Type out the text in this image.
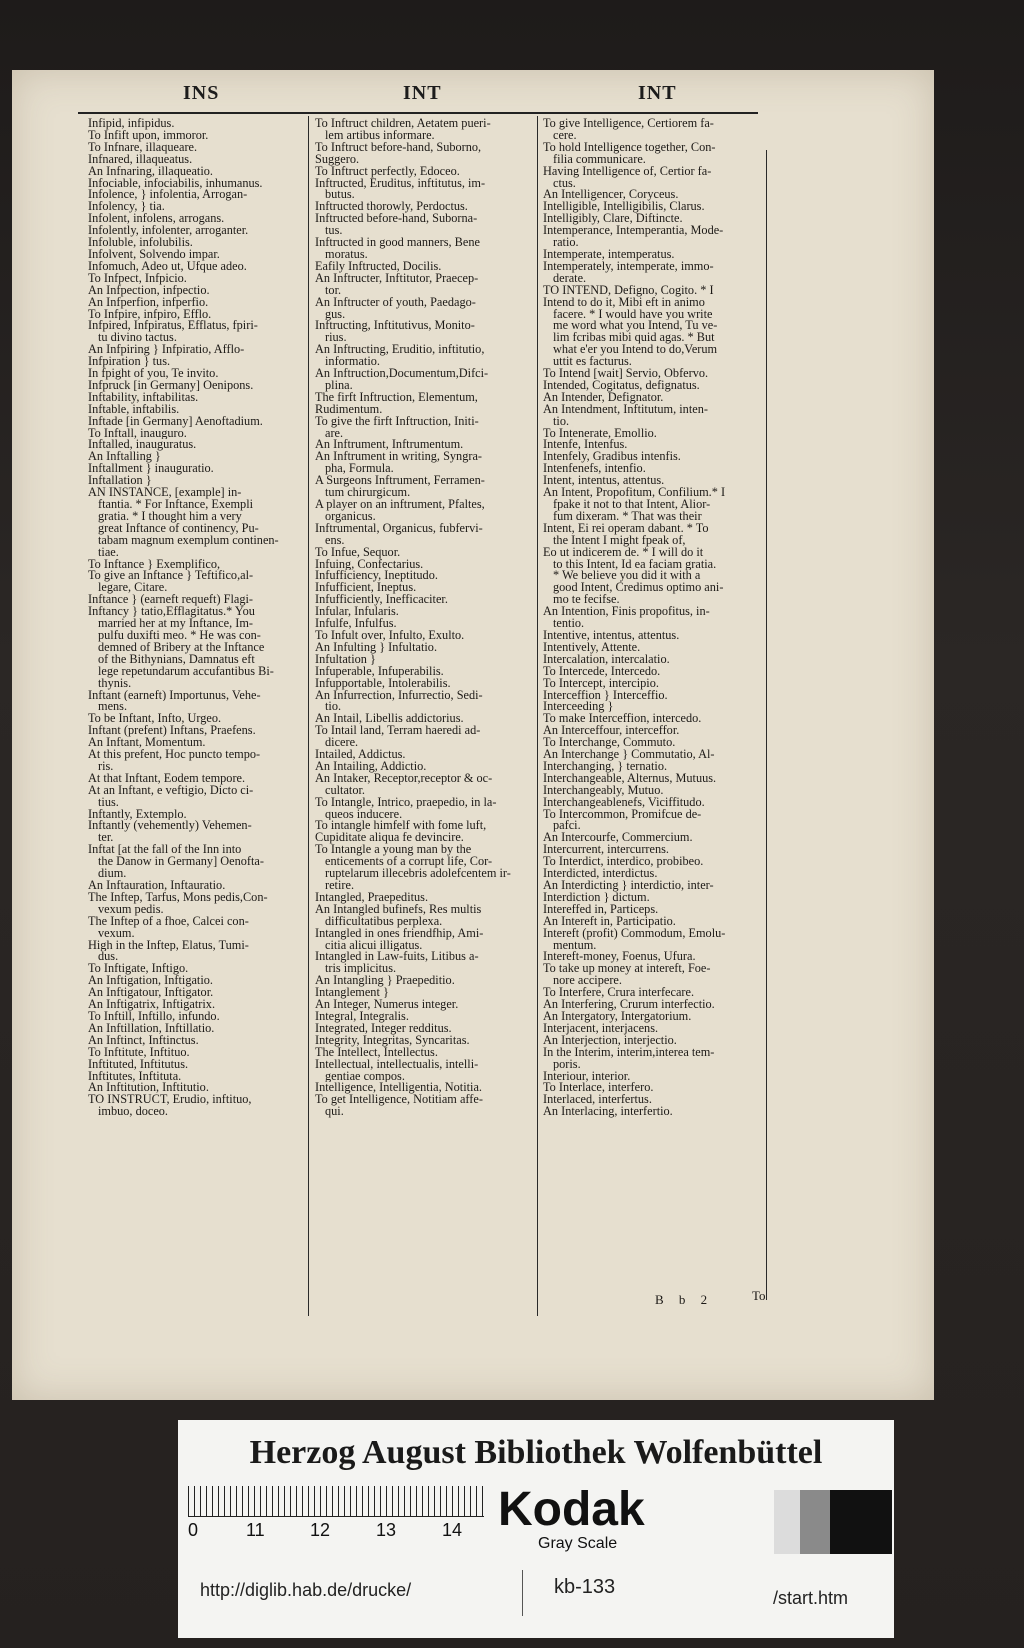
INS	INT	INT
Infipid, infipidus.
To Infift upon, immoror.
To Infnare, illaqueare.
Infnared, illaqueatus.
An Infnaring, illaqueatio.
Infociable, infociabilis, inhumanus.
Infolence, } infolentia, Arrogan-
Infolency, } tia.
Infolent, infolens, arrogans.
Infolently, infolenter, arroganter.
Infoluble, infolubilis.
Infolvent, Solvendo impar.
Infomuch, Adeo ut, Ufque adeo.
To Infpect, Infpicio.
An Infpection, infpectio.
An Infperfion, infperfio.
To Infpire, infpiro, Efflo.
Infpired, Infpiratus, Efflatus, fpiri-
tu divino tactus.
An Infpiring } Infpiratio, Afflo-
Infpiration } tus.
In fpight of you, Te invito.
Infpruck [in Germany] Oenipons.
Inftability, inftabilitas.
Inftable, inftabilis.
Inftade [in Germany] Aenoftadium.
To Inftall, inauguro.
Inftalled, inauguratus.
An Inftalling }
Inftallment } inauguratio.
Inftallation }
AN INSTANCE, [example] in-
ftantia. * For Inftance, Exempli
gratia. * I thought him a very
great Inftance of continency, Pu-
tabam magnum exemplum continen-
tiae.
To Inftance } Exemplifico,
To give an Inftance } Teftifico,al-
legare, Citare.
Inftance } (earneft requeft) Flagi-
Inftancy } tatio,Efflagitatus.* You
married her at my Inftance, Im-
pulfu duxifti meo. * He was con-
demned of Bribery at the Inftance
of the Bithynians, Damnatus eft
lege repetundarum accufantibus Bi-
thynis.
Inftant (earneft) Importunus, Vehe-
mens.
To be Inftant, Infto, Urgeo.
Inftant (prefent) Inftans, Praefens.
An Inftant, Momentum.
At this prefent, Hoc puncto tempo-
ris.
At that Inftant, Eodem tempore.
At an Inftant, e veftigio, Dicto ci-
tius.
Inftantly, Extemplo.
Inftantly (vehemently) Vehemen-
ter.
Inftat [at the fall of the Inn into
the Danow in Germany] Oenofta-
dium.
An Inftauration, Inftauratio.
The Inftep, Tarfus, Mons pedis,Con-
vexum pedis.
The Inftep of a fhoe, Calcei con-
vexum.
High in the Inftep, Elatus, Tumi-
dus.
To Inftigate, Inftigo.
An Inftigation, Inftigatio.
An Inftigatour, Inftigator.
An Inftigatrix, Inftigatrix.
To Inftill, Inftillo, infundo.
An Inftillation, Inftillatio.
An Inftinct, Inftinctus.
To Inftitute, Inftituo.
Inftituted, Inftitutus.
Inftitutes, Inftituta.
An Inftitution, Inftitutio.
TO INSTRUCT, Erudio, inftituo,
imbuo, doceo.
To Inftruct children, Aetatem pueri-
lem artibus informare.
To Inftruct before-hand, Suborno,
Suggero.
To Inftruct perfectly, Edoceo.
Inftructed, Eruditus, inftitutus, im-
butus.
Inftructed thorowly, Perdoctus.
Inftructed before-hand, Subornа-
tus.
Inftructed in good manners, Bene
moratus.
Eafily Inftructed, Docilis.
An Inftructer, Inftitutor, Praecep-
tor.
An Inftructer of youth, Paedago-
gus.
Inftructing, Inftitutivus, Monito-
rius.
An Inftructing, Eruditio, inftitutio,
informatio.
An Inftruction,Documentum,Difci-
plina.
The firft Inftruction, Elementum,
Rudimentum.
To give the firft Inftruction, Initi-
are.
An Inftrument, Inftrumentum.
An Inftrument in writing, Syngra-
pha, Formula.
A Surgeons Inftrument, Ferramen-
tum chirurgicum.
A player on an inftrument, Pfaltes,
organicus.
Inftrumental, Organicus, fubfervi-
ens.
To Infue, Sequor.
Infuing, Confectarius.
Infufficiency, Ineptitudo.
Infufficient, Ineptus.
Infufficiently, Inefficaciter.
Infular, Infularis.
Infulfe, Infulfus.
To Infult over, Infulto, Exulto.
An Infulting } Infultatio.
Infultation }
Infuperable, Infuperabilis.
Infupportable, Intolerabilis.
An Infurrection, Infurrectio, Sedi-
tio.
An Intail, Libellis addictorius.
To Intail land, Terram haeredi ad-
dicere.
Intailed, Addictus.
An Intailing, Addictio.
An Intaker, Receptor,receptor & oc-
cultator.
To Intangle, Intrico, praepedio, in la-
queos inducere.
To intangle himfelf with fome luft,
Cupiditate aliqua fe devincire.
To Intangle a young man by the
enticements of a corrupt life, Cor-
ruptelarum illecebris adolefcentem ir-
retire.
Intangled, Praepeditus.
An Intangled bufinefs, Res multis
difficultatibus perplexa.
Intangled in ones friendfhip, Ami-
citia alicui illigatus.
Intangled in Law-fuits, Litibus a-
tris implicitus.
An Intangling } Praepeditio.
Intanglement }
An Integer, Numerus integer.
Integral, Integralis.
Integrated, Integer redditus.
Integrity, Integritas, Syncaritas.
The Intellect, Intellectus.
Intellectual, intellectualis, intelli-
gentiae compos.
Intelligence, Intelligentia, Notitia.
To get Intelligence, Notitiam affe-
qui.
To give Intelligence, Certiorem fa-
cere.
To hold Intelligence together, Con-
filia communicare.
Having Intelligence of, Certior fa-
ctus.
An Intelligencer, Coryceus.
Intelligible, Intelligibilis, Clarus.
Intelligibly, Clare, Diftincte.
Intemperance, Intemperantia, Mode-
ratio.
Intemperate, intemperatus.
Intemperately, intemperate, immo-
derate.
TO INTEND, Defigno, Cogito. * I
Intend to do it, Mibi eft in animo
facere. * I would have you write
me word what you Intend, Tu ve-
lim fcribas mibi quid agas. * But
what e'er you Intend to do,Verum
uttit es facturus.
To Intend [wait] Servio, Obfervo.
Intended, Cogitatus, defignatus.
An Intender, Defignator.
An Intendment, Inftitutum, inten-
tio.
To Intenerate, Emollio.
Intenfe, Intenfus.
Intenfely, Gradibus intenfis.
Intenfenefs, intenfio.
Intent, intentus, attentus.
An Intent, Propofitum, Confilium.* I
fpake it not to that Intent, Alior-
fum dixeram. * That was their
Intent, Ei rei operam dabant. * To
the Intent I might fpeak of,
Eo ut indicerem de. * I will do it
to this Intent, Id ea faciam gratia.
* We believe you did it with a
good Intent, Credimus optimo ani-
mo te fecifse.
An Intention, Finis propofitus, in-
tentio.
Intentive, intentus, attentus.
Intentively, Attente.
Intercalation, intercalatio.
To Intercede, Intercedo.
To Intercept, intercipio.
Interceffion } Interceffio.
Interceeding }
To make Interceffion, intercedo.
An Interceffour, interceffor.
To Interchange, Commuto.
An Interchange } Commutatio, Al-
Interchanging, } ternatio.
Interchangeable, Alternus, Mutuus.
Interchangeably, Mutuo.
Interchangeablenefs, Viciffitudo.
To Intercommon, Promifcue de-
pafci.
An Intercourfe, Commercium.
Intercurrent, intercurrens.
To Interdict, interdico, probibeo.
Interdicted, interdictus.
An Interdicting } interdictio, inter-
Interdiction } dictum.
Intereffed in, Particeps.
An Intereft in, Participatio.
Intereft (profit) Commodum, Emolu-
mentum.
Intereft-money, Foenus, Ufura.
To take up money at intereft, Foe-
nore accipere.
To Interfere, Crura interfecare.
An Interfering, Crurum interfectio.
An Intergatory, Intergatorium.
Interjacent, interjacens.
An Interjection, interjectio.
In the Interim, interim,interea tem-
poris.
Interiour, interior.
To Interlace, interfero.
Interlaced, interfertus.
An Interlacing, interfertio.
B b 2	To
Herzog August Bibliothek Wolfenbüttel
0	11	12	13	14 Kodak
Gray Scale
http://diglib.hab.de/drucke/	kb-133	/start.htm
